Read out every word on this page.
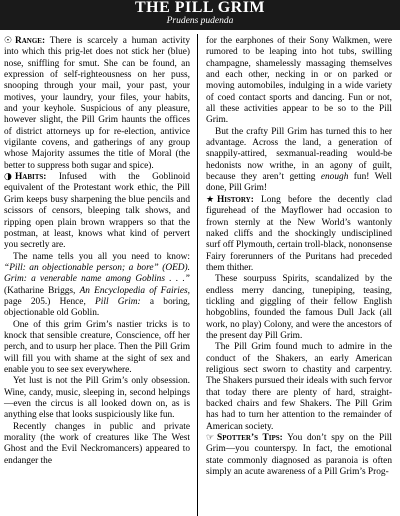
THE PILL GRIM
Prudens pudenda

☉ Range: There is scarcely a human activity into which this prig-let does not stick her (blue) nose, sniffling for smut. She can be found, an expression of self-righteousness on her puss, snooping through your mail, your past, your motives, your laundry, your files, your habits, and your keyhole. Suspicious of any pleasure, however slight, the Pill Grim haunts the offices of district attorneys up for re-election, antivice vigilante covens, and gatherings of any group whose Majority assumes the title of Moral (the better to suppress both sugar and spice).

◑ Habits: Infused with the Goblinoid equivalent of the Protestant work ethic, the Pill Grim keeps busy sharpening the blue pencils and scissors of censors, bleeping talk shows, and ripping open plain brown wrappers so that the postman, at least, knows what kind of pervert you secretly are.

The name tells you all you need to know: “Pill: an objectionable person; a bore” (OED). Grim: a venerable name among Goblins . . .” (Katharine Briggs, An Encyclopedia of Fairies, page 205.) Hence, Pill Grim: a boring, objectionable old Goblin.

One of this grim Grim’s nastier tricks is to knock that sensible creature, Conscience, off her perch, and to usurp her place. Then the Pill Grim will fill you with shame at the sight of sex and enable you to see sex everywhere.

Yet lust is not the Pill Grim’s only obsession. Wine, candy, music, sleeping in, second helpings—even the circus is all looked down on, as is anything else that looks suspiciously like fun.

Recently changes in public and private morality (the work of creatures like The West Ghost and the Evil Neckromancers) appeared to endanger the

for the earphones of their Sony Walkmen, were rumored to be leaping into hot tubs, swilling champagne, shamelessly massaging themselves and each other, necking in or on parked or moving automobiles, indulging in a wide variety of coed contact sports and dancing. Fun or not, all these activities appear to be so to the Pill Grim.

But the crafty Pill Grim has turned this to her advantage. Across the land, a generation of snappily-attired, sexmanual-reading would-be hedonists now writhe, in an agony of guilt, because they aren’t getting enough fun! Well done, Pill Grim!

★ History: Long before the decently clad figurehead of the Mayflower had occasion to frown sternly at the New World’s wantonly naked cliffs and the shockingly undisciplined surf off Plymouth, certain troll-black, nononsense Fairy forerunners of the Puritans had preceded them thither.

These sourpuss Spirits, scandalized by the endless merry dancing, tunepiping, teasing, tickling and giggling of their fellow English hobgoblins, founded the famous Dull Jack (all work, no play) Colony, and were the ancestors of the present day Pill Grim.

The Pill Grim found much to admire in the conduct of the Shakers, an early American religious sect sworn to chastity and carpentry. The Shakers pursued their ideals with such fervor that today there are plenty of hard, straight-backed chairs and few Shakers. The Pill Grim has had to turn her attention to the remainder of American society.

☞ Spotter’s Tips: You don’t spy on the Pill Grim—you counterspy. In fact, the emotional state commonly diagnosed as paranoia is often simply an acute awareness of a Pill Grim’s Prog-
